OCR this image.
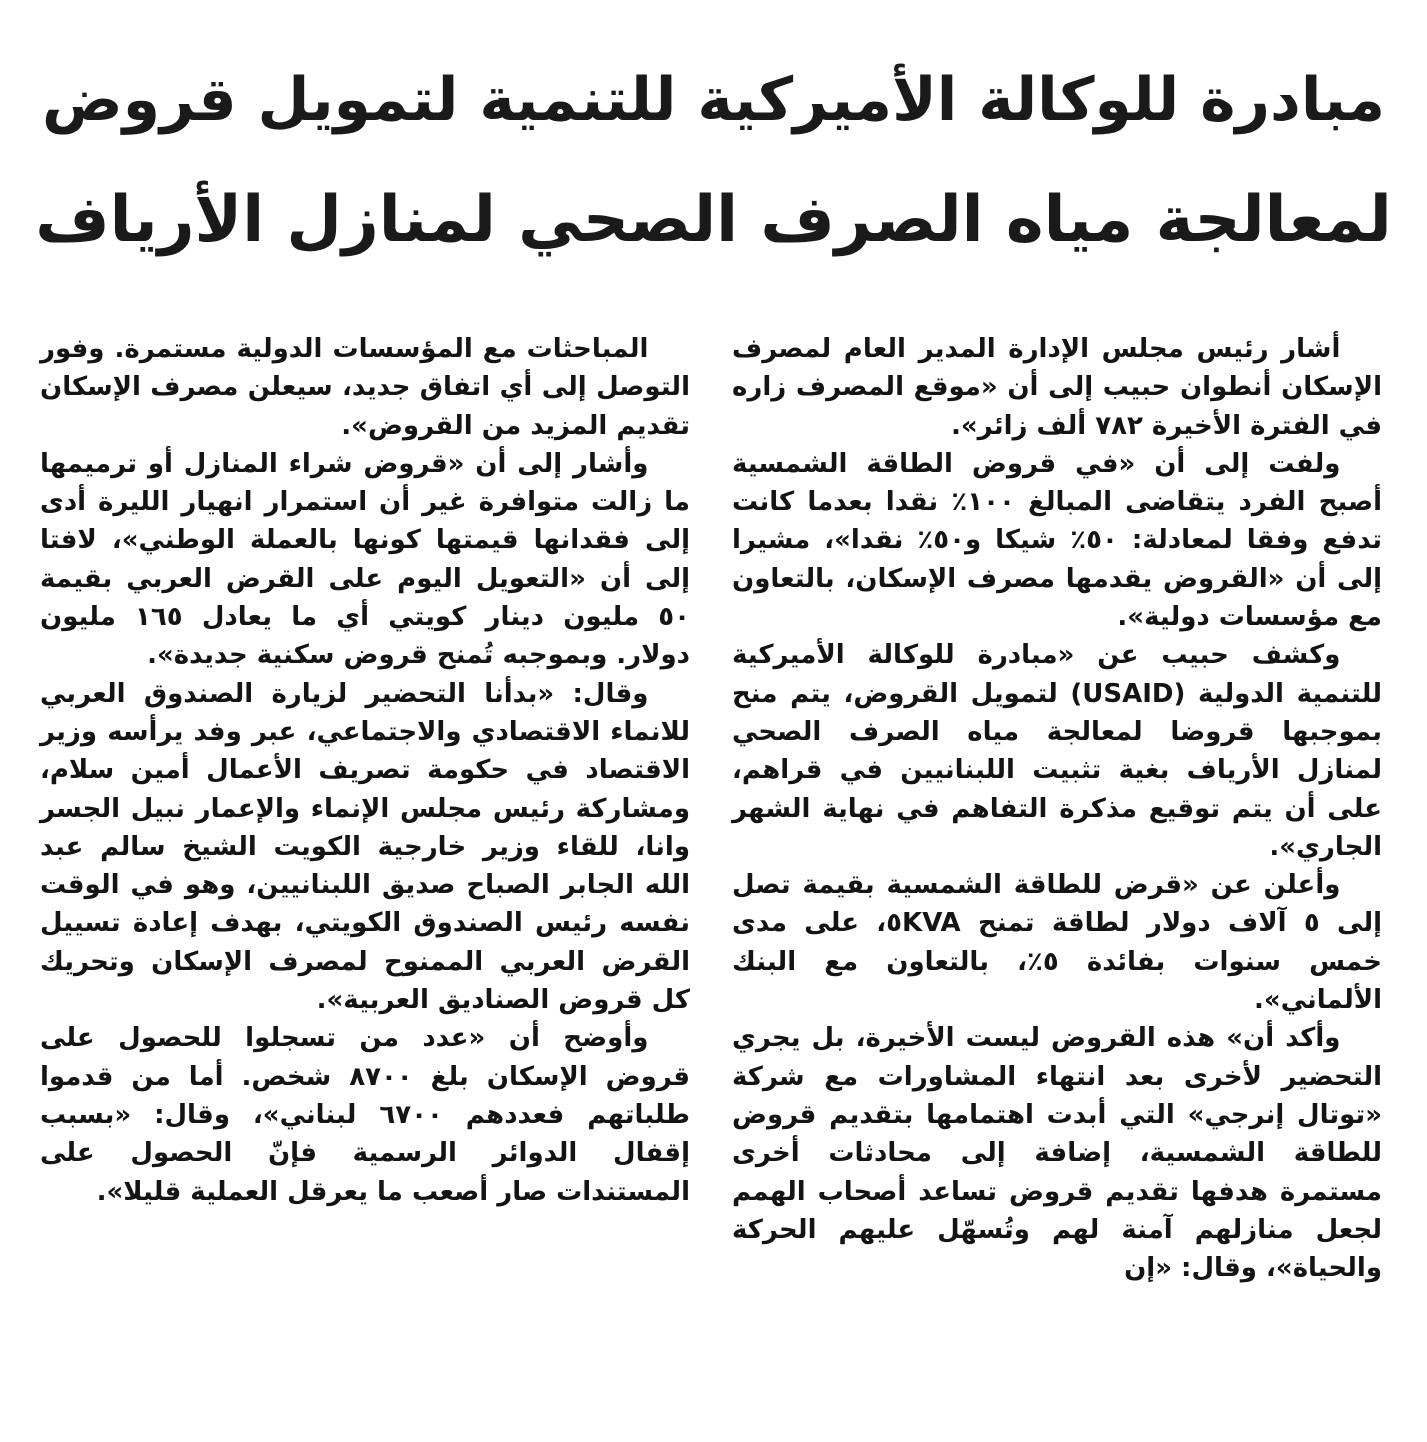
مبادرة للوكالة الأميركية للتنمية لتمويل قروض
لمعالجة مياه الصرف الصحي لمنازل الأرياف

أشار رئيس مجلس الإدارة المدير العام لمصرف الإسكان أنطوان حبيب إلى أن «موقع المصرف زاره في الفترة الأخيرة ٧٨٢ ألف زائر».

ولفت إلى أن «في قروض الطاقة الشمسية أصبح الفرد يتقاضى المبالغ ١٠٠٪ نقدا بعدما كانت تدفع وفقا لمعادلة: ٥٠٪ شيكا و٥٠٪ نقدا»، مشيرا إلى أن «القروض يقدمها مصرف الإسكان، بالتعاون مع مؤسسات دولية».

وكشف حبيب عن «مبادرة للوكالة الأميركية للتنمية الدولية (USAID) لتمويل القروض، يتم منح بموجبها قروضا لمعالجة مياه الصرف الصحي لمنازل الأرياف بغية تثبيت اللبنانيين في قراهم، على أن يتم توقيع مذكرة التفاهم في نهاية الشهر الجاري».

وأعلن عن «قرض للطاقة الشمسية بقيمة تصل إلى ٥ آلاف دولار لطاقة تمنح ٥KVA، على مدى خمس سنوات بفائدة ٥٪، بالتعاون مع البنك الألماني».

وأكد أن» هذه القروض ليست الأخيرة، بل يجري التحضير لأخرى بعد انتهاء المشاورات مع شركة «توتال إنرجي» التي أبدت اهتمامها بتقديم قروض للطاقة الشمسية، إضافة إلى محادثات أخرى مستمرة هدفها تقديم قروض تساعد أصحاب الهمم لجعل منازلهم آمنة لهم وتُسهّل عليهم الحركة والحياة»، وقال: «إن

المباحثات مع المؤسسات الدولية مستمرة. وفور التوصل إلى أي اتفاق جديد، سيعلن مصرف الإسكان تقديم المزيد من القروض».

وأشار إلى أن «قروض شراء المنازل أو ترميمها ما زالت متوافرة غير أن استمرار انهيار الليرة أدى إلى فقدانها قيمتها كونها بالعملة الوطني»، لافتا إلى أن «التعويل اليوم على القرض العربي بقيمة ٥٠ مليون دينار كويتي أي ما يعادل ١٦٥ مليون دولار. وبموجبه تُمنح قروض سكنية جديدة».

وقال: «بدأنا التحضير لزيارة الصندوق العربي للانماء الاقتصادي والاجتماعي، عبر وفد يرأسه وزير الاقتصاد في حكومة تصريف الأعمال أمين سلام، ومشاركة رئيس مجلس الإنماء والإعمار نبيل الجسر وانا، للقاء وزير خارجية الكويت الشيخ سالم عبد الله الجابر الصباح صديق اللبنانيين، وهو في الوقت نفسه رئيس الصندوق الكويتي، بهدف إعادة تسييل القرض العربي الممنوح لمصرف الإسكان وتحريك كل قروض الصناديق العربية».

وأوضح أن «عدد من تسجلوا للحصول على قروض الإسكان بلغ ٨٧٠٠ شخص. أما من قدموا طلباتهم فعددهم ٦٧٠٠ لبناني»، وقال: «بسبب إقفال الدوائر الرسمية فإنّ الحصول على المستندات صار أصعب ما يعرقل العملية قليلا».
